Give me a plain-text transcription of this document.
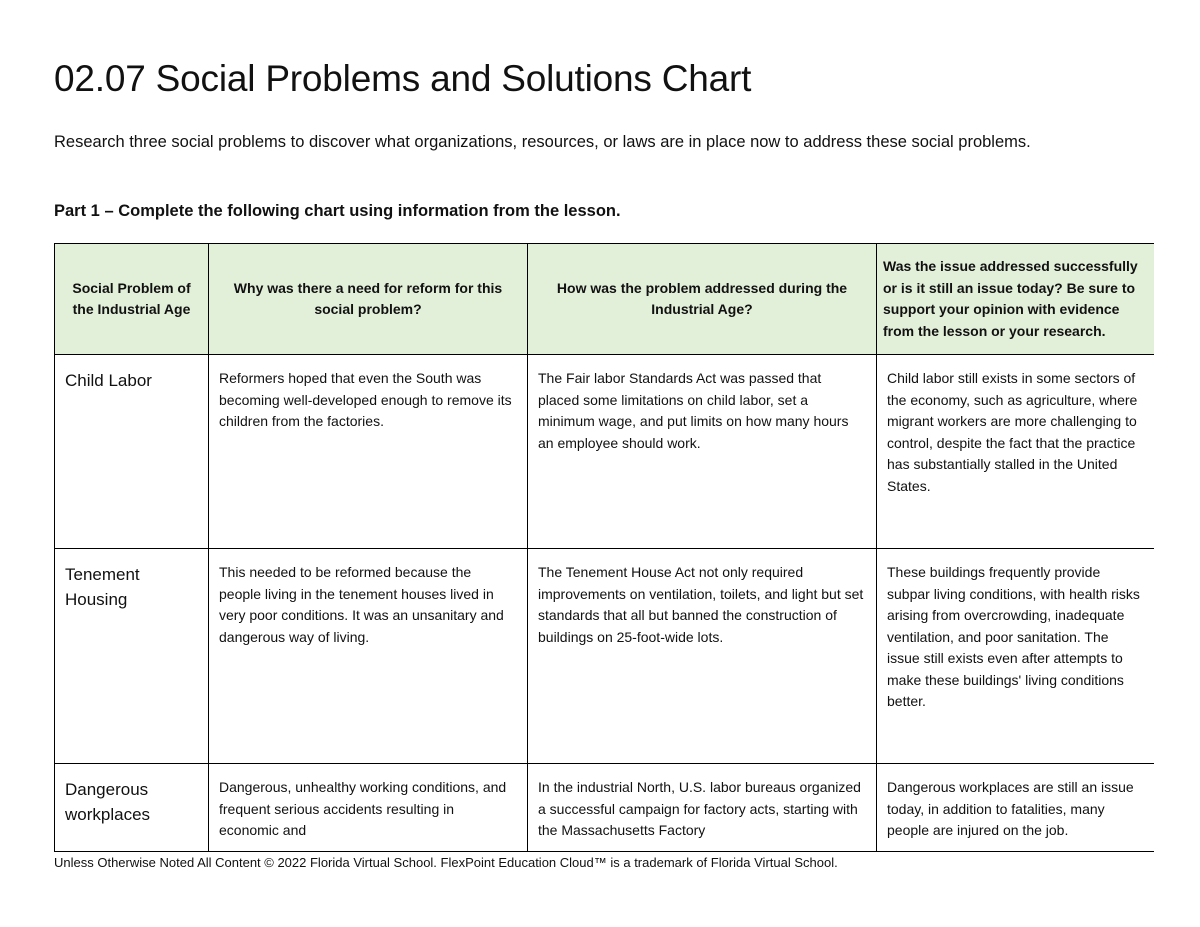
02.07 Social Problems and Solutions Chart

Research three social problems to discover what organizations, resources, or laws are in place now to address these social problems.

Part 1 – Complete the following chart using information from the lesson.

Social Problem of the Industrial Age	Why was there a need for reform for this social problem?	How was the problem addressed during the Industrial Age?	Was the issue addressed successfully or is it still an issue today? Be sure to support your opinion with evidence from the lesson or your research.
Child Labor	Reformers hoped that even the South was becoming well-developed enough to remove its children from the factories.	The Fair labor Standards Act was passed that placed some limitations on child labor, set a minimum wage, and put limits on how many hours an employee should work.	Child labor still exists in some sectors of the economy, such as agriculture, where migrant workers are more challenging to control, despite the fact that the practice has substantially stalled in the United States.
Tenement Housing	This needed to be reformed because the people living in the tenement houses lived in very poor conditions. It was an unsanitary and dangerous way of living.	The Tenement House Act not only required improvements on ventilation, toilets, and light but set standards that all but banned the construction of buildings on 25-foot-wide lots.	These buildings frequently provide subpar living conditions, with health risks arising from overcrowding, inadequate ventilation, and poor sanitation. The issue still exists even after attempts to make these buildings' living conditions better.
Dangerous workplaces	Dangerous, unhealthy working conditions, and frequent serious accidents resulting in economic and	In the industrial North, U.S. labor bureaus organized a successful campaign for factory acts, starting with the Massachusetts Factory	Dangerous workplaces are still an issue today, in addition to fatalities, many people are injured on the job.

Unless Otherwise Noted All Content © 2022 Florida Virtual School. FlexPoint Education Cloud™ is a trademark of Florida Virtual School.
